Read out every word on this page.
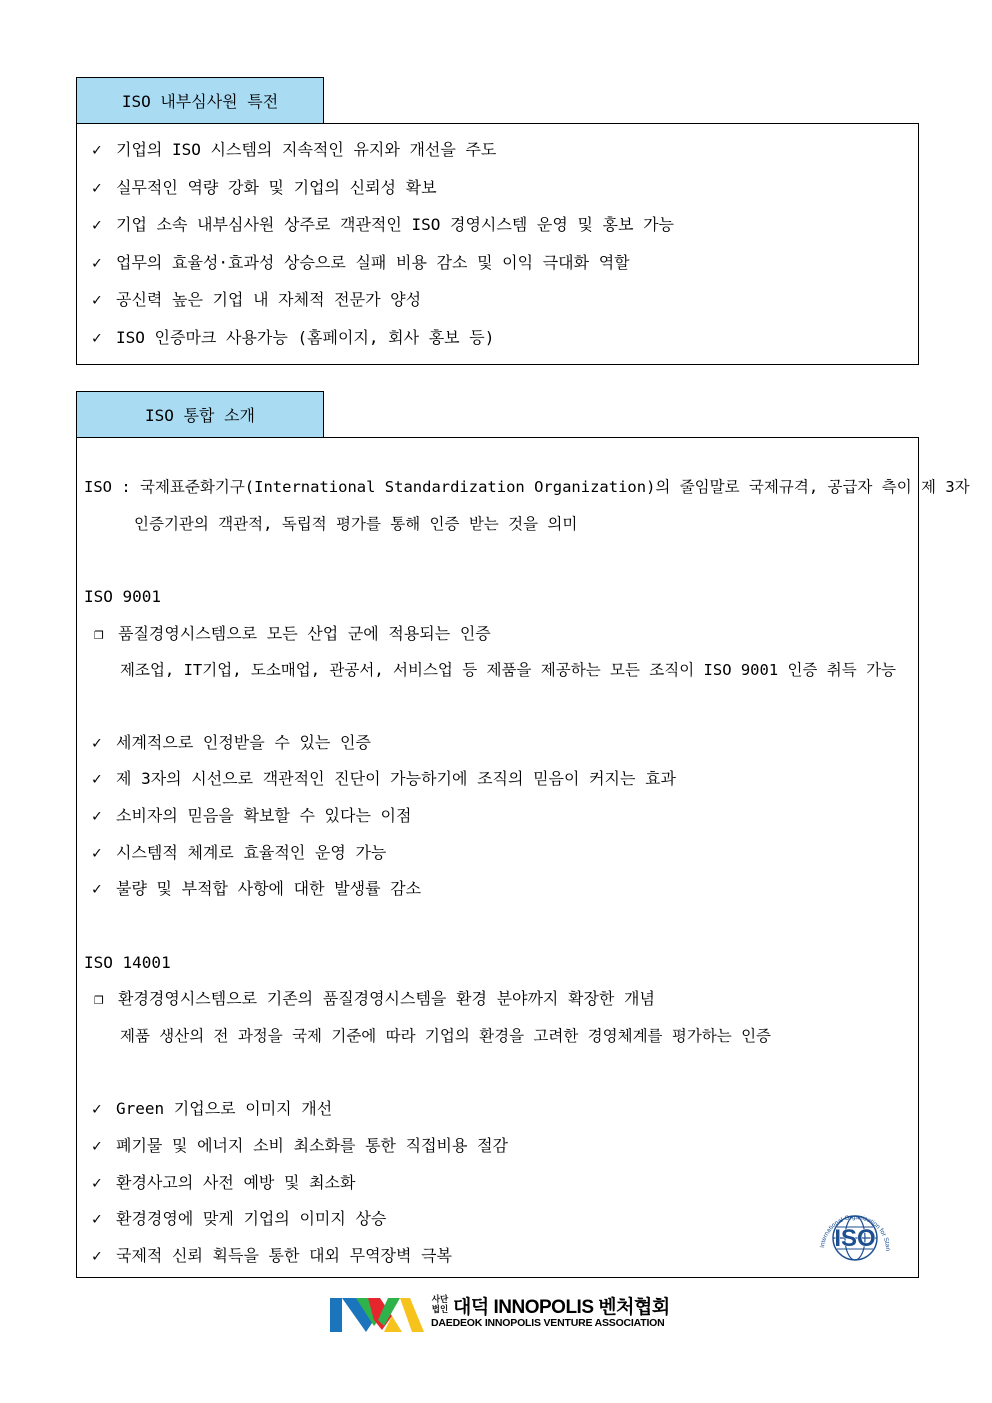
ISO 내부심사원 특전
✓ 기업의 ISO 시스템의 지속적인 유지와 개선을 주도
✓ 실무적인 역량 강화 및 기업의 신뢰성 확보
✓ 기업 소속 내부심사원 상주로 객관적인 ISO 경영시스템 운영 및 홍보 가능
✓ 업무의 효율성·효과성 상승으로 실패 비용 감소 및 이익 극대화 역할
✓ 공신력 높은 기업 내 자체적 전문가 양성
✓ ISO 인증마크 사용가능 (홈페이지, 회사 홍보 등)
ISO 통합 소개
ISO : 국제표준화기구(International Standardization Organization)의 줄임말로 국제규격, 공급자 측이 제 3자
인증기관의 객관적, 독립적 평가를 통해 인증 받는 것을 의미
ISO 9001
❐ 품질경영시스템으로 모든 산업 군에 적용되는 인증
제조업, IT기업, 도소매업, 관공서, 서비스업 등 제품을 제공하는 모든 조직이 ISO 9001 인증 취득 가능
✓ 세계적으로 인정받을 수 있는 인증
✓ 제 3자의 시선으로 객관적인 진단이 가능하기에 조직의 믿음이 커지는 효과
✓ 소비자의 믿음을 확보할 수 있다는 이점
✓ 시스템적 체계로 효율적인 운영 가능
✓ 불량 및 부적합 사항에 대한 발생률 감소
ISO 14001
❐ 환경경영시스템으로 기존의 품질경영시스템을 환경 분야까지 확장한 개념
제품 생산의 전 과정을 국제 기준에 따라 기업의 환경을 고려한 경영체계를 평가하는 인증
✓ Green 기업으로 이미지 개선
✓ 폐기물 및 에너지 소비 최소화를 통한 직접비용 절감
✓ 환경사고의 사전 예방 및 최소화
✓ 환경경영에 맞게 기업의 이미지 상승
✓ 국제적 신뢰 획득을 통한 대외 무역장벽 극복	International Organization for Stan
ISO
사단
법인 대덕 INNOPOLIS 벤처협회
DAEDEOK INNOPOLIS VENTURE ASSOCIATION
